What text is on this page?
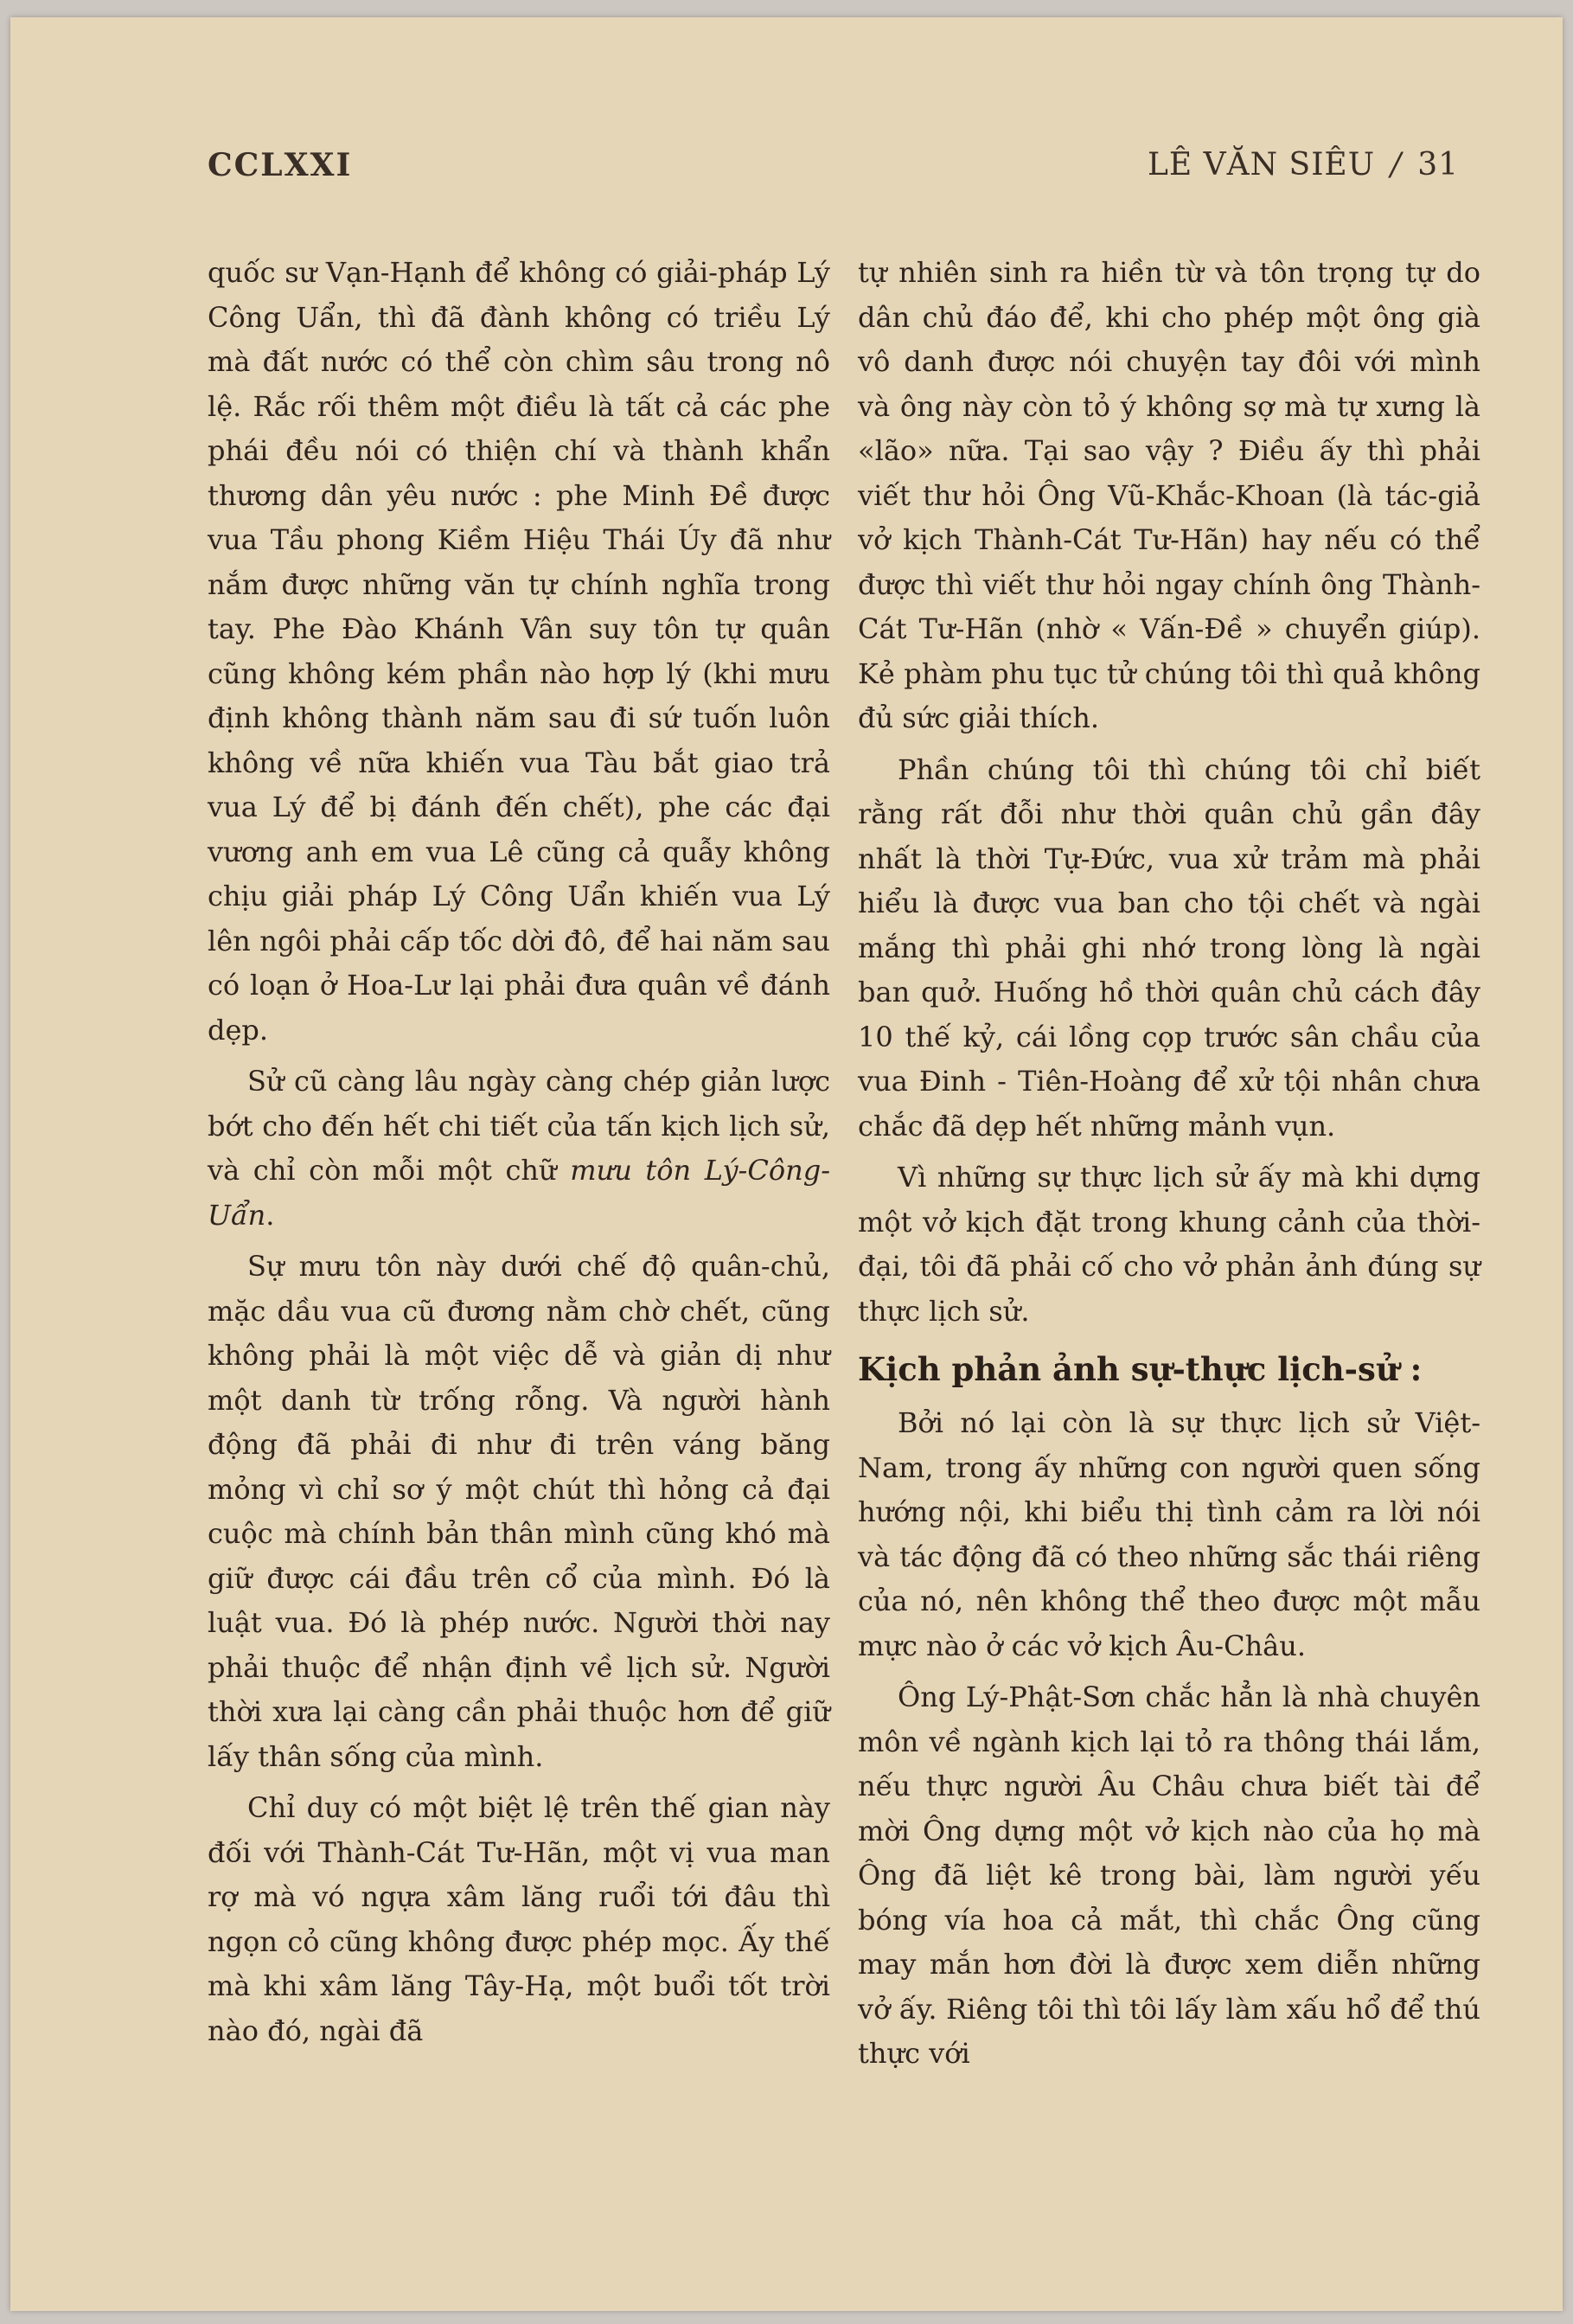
CCLXXI	LÊ VĂN SIÊU / 31

quốc sư Vạn-Hạnh để không có giải-pháp Lý Công Uẩn, thì đã đành không có triều Lý mà đất nước có thể còn chìm sâu trong nô lệ. Rắc rối thêm một điều là tất cả các phe phái đều nói có thiện chí và thành khẩn thương dân yêu nước : phe Minh Đề được vua Tầu phong Kiềm Hiệu Thái Úy đã như nắm được những văn tự chính nghĩa trong tay. Phe Đào Khánh Vân suy tôn tự quân cũng không kém phần nào hợp lý (khi mưu định không thành năm sau đi sứ tuốn luôn không về nữa khiến vua Tàu bắt giao trả vua Lý để bị đánh đến chết), phe các đại vương anh em vua Lê cũng cả quẫy không chịu giải pháp Lý Công Uẩn khiến vua Lý lên ngôi phải cấp tốc dời đô, để hai năm sau có loạn ở Hoa-Lư lại phải đưa quân về đánh dẹp.

Sử cũ càng lâu ngày càng chép giản lược bớt cho đến hết chi tiết của tấn kịch lịch sử, và chỉ còn mỗi một chữ mưu tôn Lý-Công-Uẩn.

Sự mưu tôn này dưới chế độ quân-chủ, mặc dầu vua cũ đương nằm chờ chết, cũng không phải là một việc dễ và giản dị như một danh từ trống rỗng. Và người hành động đã phải đi như đi trên váng băng mỏng vì chỉ sơ ý một chút thì hỏng cả đại cuộc mà chính bản thân mình cũng khó mà giữ được cái đầu trên cổ của mình. Đó là luật vua. Đó là phép nước. Người thời nay phải thuộc để nhận định về lịch sử. Người thời xưa lại càng cần phải thuộc hơn để giữ lấy thân sống của mình.

Chỉ duy có một biệt lệ trên thế gian này đối với Thành-Cát Tư-Hãn, một vị vua man rợ mà vó ngựa xâm lăng ruổi tới đâu thì ngọn cỏ cũng không được phép mọc. Ấy thế mà khi xâm lăng Tây-Hạ, một buổi tốt trời nào đó, ngài đã

tự nhiên sinh ra hiền từ và tôn trọng tự do dân chủ đáo để, khi cho phép một ông già vô danh được nói chuyện tay đôi với mình và ông này còn tỏ ý không sợ mà tự xưng là «lão» nữa. Tại sao vậy ? Điều ấy thì phải viết thư hỏi Ông Vũ-Khắc-Khoan (là tác-giả vở kịch Thành-Cát Tư-Hãn) hay nếu có thể được thì viết thư hỏi ngay chính ông Thành-Cát Tư-Hãn (nhờ « Vấn-Đề » chuyển giúp). Kẻ phàm phu tục tử chúng tôi thì quả không đủ sức giải thích.

Phần chúng tôi thì chúng tôi chỉ biết rằng rất đỗi như thời quân chủ gần đây nhất là thời Tự-Đức, vua xử trảm mà phải hiểu là được vua ban cho tội chết và ngài mắng thì phải ghi nhớ trong lòng là ngài ban quở. Huống hồ thời quân chủ cách đây 10 thế kỷ, cái lồng cọp trước sân chầu của vua Đinh - Tiên-Hoàng để xử tội nhân chưa chắc đã dẹp hết những mảnh vụn.

Vì những sự thực lịch sử ấy mà khi dựng một vở kịch đặt trong khung cảnh của thời-đại, tôi đã phải cố cho vở phản ảnh đúng sự thực lịch sử.

Kịch phản ảnh sự-thực lịch-sử :

Bởi nó lại còn là sự thực lịch sử Việt-Nam, trong ấy những con người quen sống hướng nội, khi biểu thị tình cảm ra lời nói và tác động đã có theo những sắc thái riêng của nó, nên không thể theo được một mẫu mực nào ở các vở kịch Âu-Châu.

Ông Lý-Phật-Sơn chắc hẳn là nhà chuyên môn về ngành kịch lại tỏ ra thông thái lắm, nếu thực người Âu Châu chưa biết tài để mời Ông dựng một vở kịch nào của họ mà Ông đã liệt kê trong bài, làm người yếu bóng vía hoa cả mắt, thì chắc Ông cũng may mắn hơn đời là được xem diễn những vở ấy. Riêng tôi thì tôi lấy làm xấu hổ để thú thực với
